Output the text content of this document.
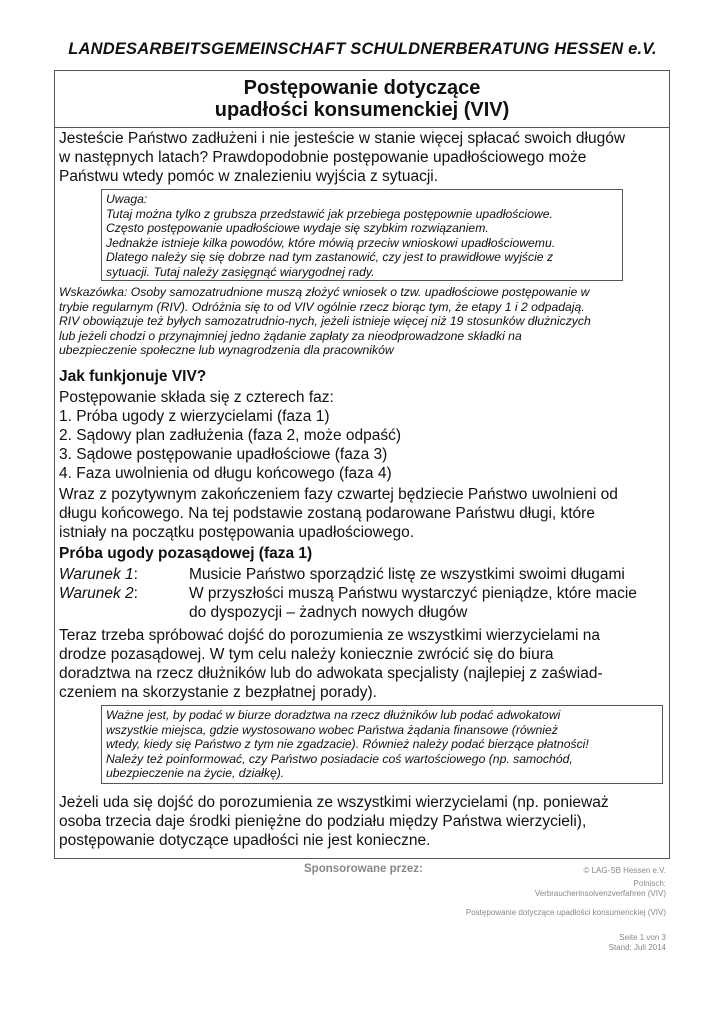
LANDESARBEITSGEMEINSCHAFT SCHULDNERBERATUNG HESSEN e.V.
Postępowanie dotyczące
upadłości konsumenckiej (VIV)

Jesteście Państwo zadłużeni i nie jesteście w stanie więcej spłacać swoich długów

w następnych latach? Prawdopodobnie postępowanie upadłościowego może

Państwu wtedy pomóc w znalezieniu wyjścia z sytuacji.

Uwaga:
Tutaj można tylko z grubsza przedstawić jak przebiega postępownie upadłościowe.
Często postępowanie upadłościowe wydaje się szybkim rozwiązaniem.
Jednakże istnieje kilka powodów, które mówią przeciw wnioskowi upadłościowemu.
Dlatego należy się się dobrze nad tym zastanowić, czy jest to prawidłowe wyjście z
sytuacji. Tutaj należy zasięgnąć wiarygodnej rady.
Wskazówka: Osoby samozatrudnione muszą złożyć wniosek o tzw. upadłościowe postępowanie w
trybie regularnym (RIV). Odróżnia się to od VIV ogólnie rzecz biorąc tym, że etapy 1 i 2 odpadają.
RIV obowiązuje też byłych samozatrudnio-nych, jeżeli istnieje więcej niż 19 stosunków dłużniczych
lub jeżeli chodzi o przynajmniej jedno żądanie zapłaty za nieodprowadzone składki na
ubezpieczenie społeczne lub wynagrodzenia dla pracowników

Jak funkjonuje VIV?

Postępowanie składa się z czterech faz:

1. Próba ugody z wierzycielami (faza 1)

2. Sądowy plan zadłużenia (faza 2, może odpaść)

3. Sądowe postępowanie upadłościowe (faza 3)

4. Faza uwolnienia od długu końcowego (faza 4)

Wraz z pozytywnym zakończeniem fazy czwartej będziecie Państwo uwolnieni od

długu końcowego. Na tej podstawie zostaną podarowane Państwu długi, które

istniały na początku postępowania upadłościowego.

Próba ugody pozasądowej (faza 1)

Warunek 1:	Musicie Państwo sporządzić listę ze wszystkimi swoimi długami
Warunek 2:	W przyszłości muszą Państwu wystarczyć pieniądze, które macie
do dyspozycji – żadnych nowych długów

Teraz trzeba spróbować dojść do porozumienia ze wszystkimi wierzycielami na

drodze pozasądowej. W tym celu należy koniecznie zwrócić się do biura

doradztwa na rzecz dłużników lub do adwokata specjalisty (najlepiej z zaświad-

czeniem na skorzystanie z bezpłatnej porady).

Ważne jest, by podać w biurze doradztwa na rzecz dłużników lub podać adwokatowi
wszystkie miejsca, gdzie wystosowano wobec Państwa żądania finansowe (również
wtedy, kiedy się Państwo z tym nie zgadzacie). Również należy podać bierzące płatności!
Należy też poinformować, czy Państwo posiadacie coś wartościowego (np. samochód,
ubezpieczenie na życie, działkę).

Jeżeli uda się dojść do porozumienia ze wszystkimi wierzycielami (np. ponieważ

osoba trzecia daje środki pieniężne do podziału między Państwa wierzycieli),

postępowanie dotyczące upadłości nie jest konieczne.

Sponsorowane przez:	© LAG-SB Hessen e.V.
Polnisch:
Verbraucherinsolvenzverfahren (VIV)
Postępowanie dotyczące upadłości konsumenckiej (VIV)
Seite 1 von 3
Stand: Juli 2014
